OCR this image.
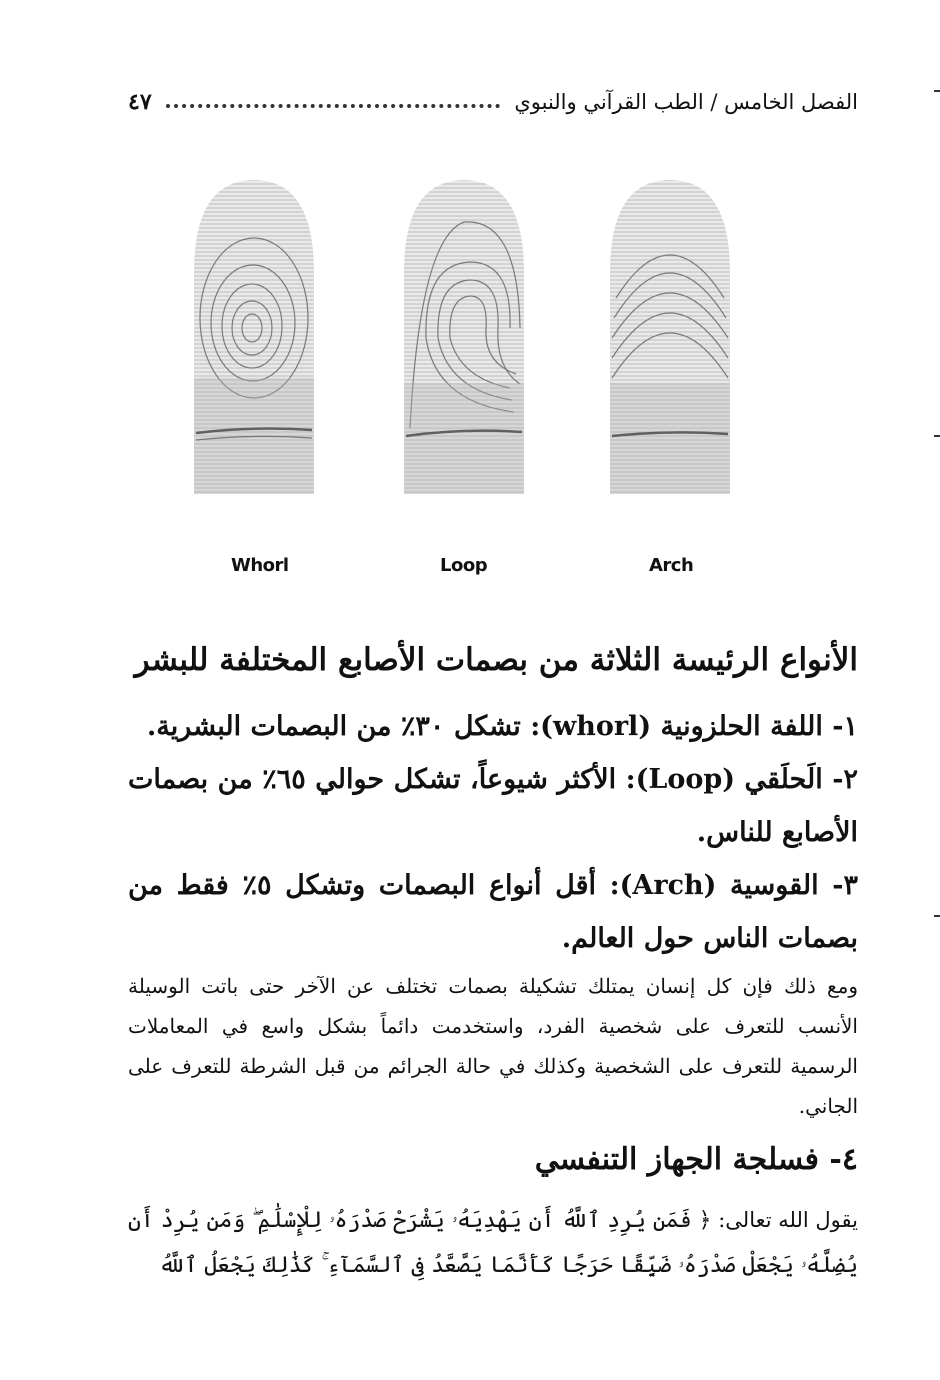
الفصل الخامس / الطب القرآني والنبوي
٤٧
Whorl	Loop	Arch
الأنواع الرئيسة الثلاثة من بصمات الأصابع المختلفة للبشر

١- اللفة الحلزونية (whorl): تشكل ٣٠٪ من البصمات البشرية.

٢- الَحلَقي (Loop): الأكثر شيوعاً، تشكل حوالي ٦٥٪ من بصمات الأصابع للناس.

٣- القوسية (Arch): أقل أنواع البصمات وتشكل ٥٪ فقط من بصمات الناس حول العالم.

ومع ذلك فإن كل إنسان يمتلك تشكيلة بصمات تختلف عن الآخر حتى باتت الوسيلة الأنسب للتعرف على شخصية الفرد، واستخدمت دائماً بشكل واسع في المعاملات الرسمية للتعرف على الشخصية وكذلك في حالة الجرائم من قبل الشرطة للتعرف على الجاني.

٤- فسلجة الجهاز التنفسي

يقول الله تعالى: ﴿ فَمَن يُرِدِ ٱللَّهُ أَن يَهْدِيَهُۥ يَشْرَحْ صَدْرَهُۥ لِلْإِسْلَٰمِ ۖ وَمَن يُرِدْ أَن يُضِلَّهُۥ يَجْعَلْ صَدْرَهُۥ ضَيِّقًا حَرَجًا كَأَنَّمَا يَصَّعَّدُ فِى ٱلسَّمَآءِ ۚ كَذَٰلِكَ يَجْعَلُ ٱللَّهُ
